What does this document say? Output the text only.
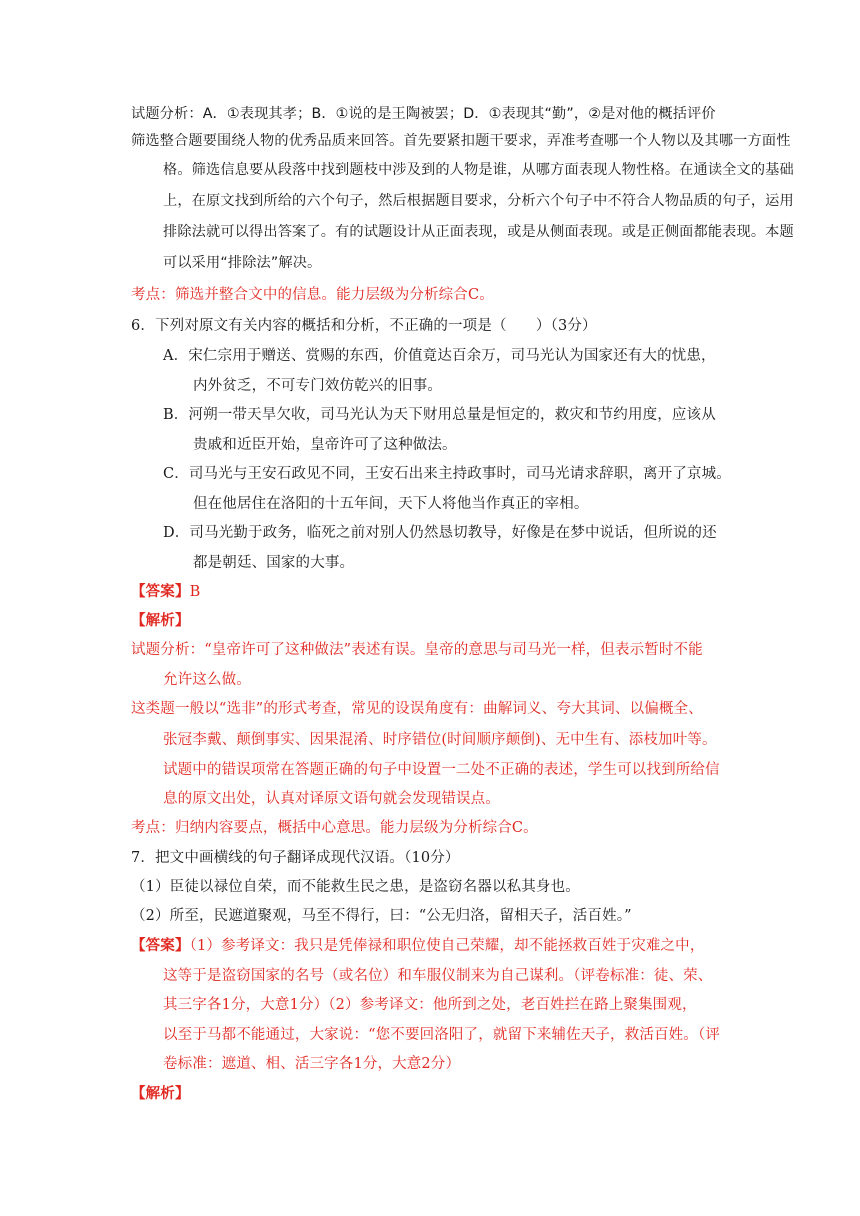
试题分析：A．①表现其孝；B．①说的是王陶被罢；D．①表现其“勤”，②是对他的概括评价
筛选整合题要围绕人物的优秀品质来回答。首先要紧扣题干要求，弄准考查哪一个人物以及其哪一方面性
格。筛选信息要从段落中找到题枝中涉及到的人物是谁，从哪方面表现人物性格。在通读全文的基础
上，在原文找到所给的六个句子，然后根据题目要求，分析六个句子中不符合人物品质的句子，运用
排除法就可以得出答案了。有的试题设计从正面表现，或是从侧面表现。或是正侧面都能表现。本题
可以采用“排除法”解决。
考点：筛选并整合文中的信息。能力层级为分析综合C。
6．下列对原文有关内容的概括和分析，不正确的一项是（　　）（3分）
A．宋仁宗用于赠送、赏赐的东西，价值竟达百余万，司马光认为国家还有大的忧患，
内外贫乏，不可专门效仿乾兴的旧事。
B．河朔一带天旱欠收，司马光认为天下财用总量是恒定的，救灾和节约用度，应该从
贵戚和近臣开始，皇帝许可了这种做法。
C．司马光与王安石政见不同，王安石出来主持政事时，司马光请求辞职，离开了京城。
但在他居住在洛阳的十五年间，天下人将他当作真正的宰相。
D．司马光勤于政务，临死之前对别人仍然恳切教导，好像是在梦中说话，但所说的还
都是朝廷、国家的大事。
【答案】B
【解析】
试题分析：“皇帝许可了这种做法”表述有误。皇帝的意思与司马光一样，但表示暂时不能
允许这么做。
这类题一般以“选非”的形式考查，常见的设误角度有：曲解词义、夸大其词、以偏概全、
张冠李戴、颠倒事实、因果混淆、时序错位(时间顺序颠倒)、无中生有、添枝加叶等。
试题中的错误项常在答题正确的句子中设置一二处不正确的表述，学生可以找到所给信
息的原文出处，认真对译原文语句就会发现错误点。
考点：归纳内容要点，概括中心意思。能力层级为分析综合C。
7．把文中画横线的句子翻译成现代汉语。（10分）
（1）臣徒以禄位自荣，而不能救生民之患，是盗窃名器以私其身也。
（2）所至，民遮道聚观，马至不得行，曰：“公无归洛，留相天子，活百姓。”
【答案】（1）参考译文：我只是凭俸禄和职位使自己荣耀，却不能拯救百姓于灾难之中，
这等于是盗窃国家的名号（或名位）和车服仪制来为自己谋利。（评卷标准：徒、荣、
其三字各1分，大意1分）（2）参考译文：他所到之处，老百姓拦在路上聚集围观，
以至于马都不能通过，大家说：“您不要回洛阳了，就留下来辅佐天子，救活百姓。（评
卷标准：遮道、相、活三字各1分，大意2分）
【解析】
